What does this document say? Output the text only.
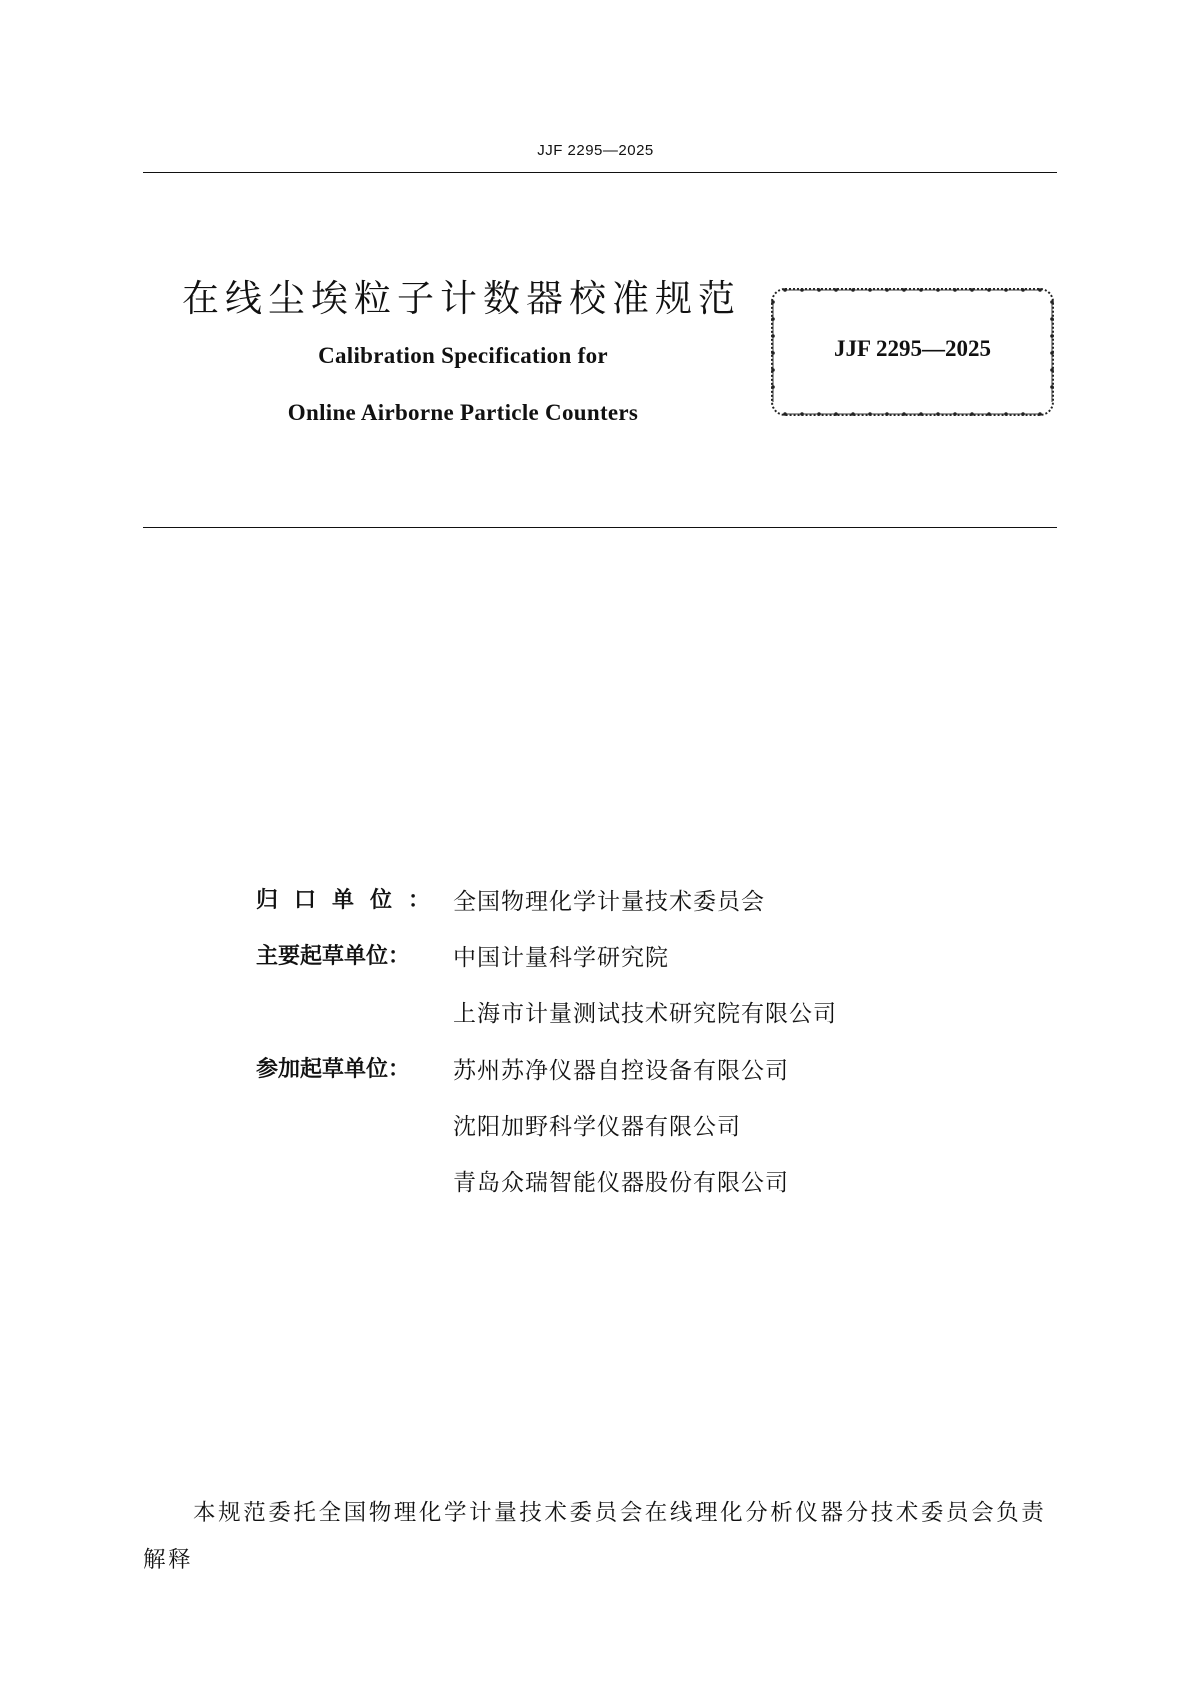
JJF 2295—2025
在线尘埃粒子计数器校准规范
Calibration Specification for
Online Airborne Particle Counters
JJF 2295—2025
归口单位： 全国物理化学计量技术委员会
主要起草单位：	中国计量科学研究院
上海市计量测试技术研究院有限公司
参加起草单位：	苏州苏净仪器自控设备有限公司
沈阳加野科学仪器有限公司
青岛众瑞智能仪器股份有限公司
本规范委托全国物理化学计量技术委员会在线理化分析仪器分技术委员会负责解释
